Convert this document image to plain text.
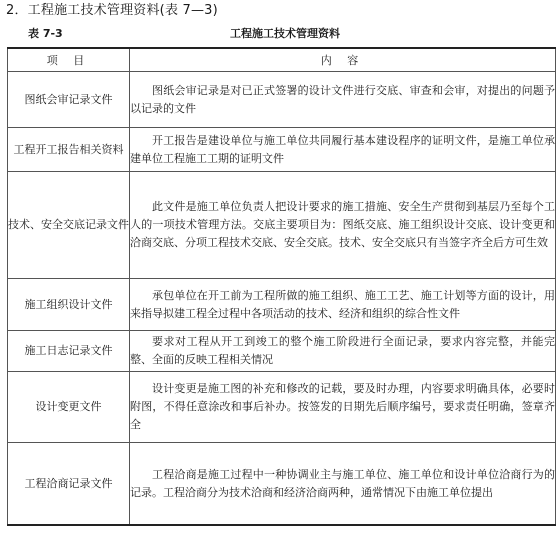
2．工程施工技术管理资料(表 7—3)
表 7-3	工程施工技术管理资料
项 目	内 容
图纸会审记录文件	图纸会审记录是对已正式签署的设计文件进行交底、审查和会审，对提出的问题予以记录的文件
工程开工报告相关资料	开工报告是建设单位与施工单位共同履行基本建设程序的证明文件，是施工单位承建单位工程施工工期的证明文件
技术、安全交底记录文件	此文件是施工单位负责人把设计要求的施工措施、安全生产贯彻到基层乃至每个工人的一项技术管理方法。交底主要项目为：图纸交底、施工组织设计交底、设计变更和洽商交底、分项工程技术交底、安全交底。技术、安全交底只有当签字齐全后方可生效
施工组织设计文件	承包单位在开工前为工程所做的施工组织、施工工艺、施工计划等方面的设计，用来指导拟建工程全过程中各项活动的技术、经济和组织的综合性文件
施工日志记录文件	要求对工程从开工到竣工的整个施工阶段进行全面记录，要求内容完整，并能完整、全面的反映工程相关情况
设计变更文件	设计变更是施工图的补充和修改的记载，要及时办理，内容要求明确具体，必要时附图，不得任意涂改和事后补办。按签发的日期先后顺序编号，要求责任明确，签章齐全
工程洽商记录文件	工程洽商是施工过程中一种协调业主与施工单位、施工单位和设计单位洽商行为的记录。工程洽商分为技术洽商和经济洽商两种，通常情况下由施工单位提出
